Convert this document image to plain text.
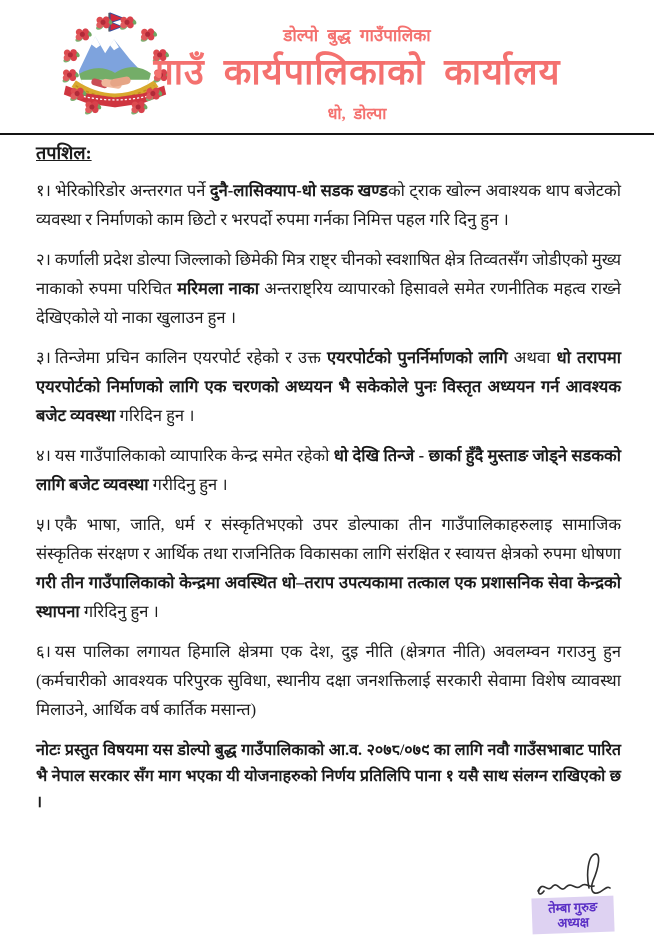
डोल्पो बुद्ध गाउँपालिका
गाउँ कार्यपालिकाको कार्यालय
धो, डोल्पा
तपशिल:

१। भेरिकोरिडोर अन्तरगत पर्ने दुनै-लासिक्याप-धो सडक खण्डको ट्राक खोल्न अवाश्यक थाप बजेटको व्यवस्था र निर्माणको काम छिटो र भरपर्दो रुपमा गर्नका निमित्त पहल गरि दिनु हुन ।

२। कर्णाली प्रदेश डोल्पा जिल्लाको छिमेकी मित्र राष्ट्र चीनको स्वशाषित क्षेत्र तिव्वतसँग जोडीएको मुख्य नाकाको रुपमा परिचित मरिमला नाका अन्तराष्ट्रिय व्यापारको हिसावले समेत रणनीतिक महत्व राख्ने देखिएकोले यो नाका खुलाउन हुन ।

३। तिन्जेमा प्रचिन कालिन एयरपोर्ट रहेको र उक्त एयरपोर्टको पुनर्निर्माणको लागि अथवा धो तरापमा एयरपोर्टको निर्माणको लागि एक चरणको अध्ययन भै सकेकोले पुनः विस्तृत अध्ययन गर्न आवश्यक बजेट व्यवस्था गरिदिन हुन ।

४। यस गाउँपालिकाको व्यापारिक केन्द्र समेत रहेको धो देखि तिन्जे - छार्का हुँदै मुस्ताङ जोड्ने सडकको लागि बजेट व्यवस्था गरीदिनु हुन ।

५। एकै भाषा, जाति, धर्म र संस्कृतिभएको उपर डोल्पाका तीन गाउँपालिकाहरुलाइ सामाजिक संस्कृतिक संरक्षण र आर्थिक तथा राजनितिक विकासका लागि संरक्षित र स्वायत्त क्षेत्रको रुपमा धोषणा गरी तीन गाउँपालिकाको केन्द्रमा अवस्थित धो–तराप उपत्यकामा तत्काल एक प्रशासनिक सेवा केन्द्रको स्थापना गरिदिनु हुन ।

६। यस पालिका लगायत हिमालि क्षेत्रमा एक देश, दुइ नीति (क्षेत्रगत नीति) अवलम्वन गराउनु हुन (कर्मचारीको आवश्यक परिपुरक सुविधा, स्थानीय दक्षा जनशक्तिलाई सरकारी सेवामा विशेष व्यावस्था मिलाउने, आर्थिक वर्ष कार्तिक मसान्त)

नोटः प्रस्तुत विषयमा यस डोल्पो बुद्ध गाउँपालिकाको आ.व. २०७८/०७९ का लागि नवौ गाउँसभाबाट पारित भै नेपाल सरकार सँग माग भएका यी योजनाहरुको निर्णय प्रतिलिपि पाना १ यसै साथ संलग्न राखिएको छ ।

तेम्बा गुरुङ
अध्यक्ष
